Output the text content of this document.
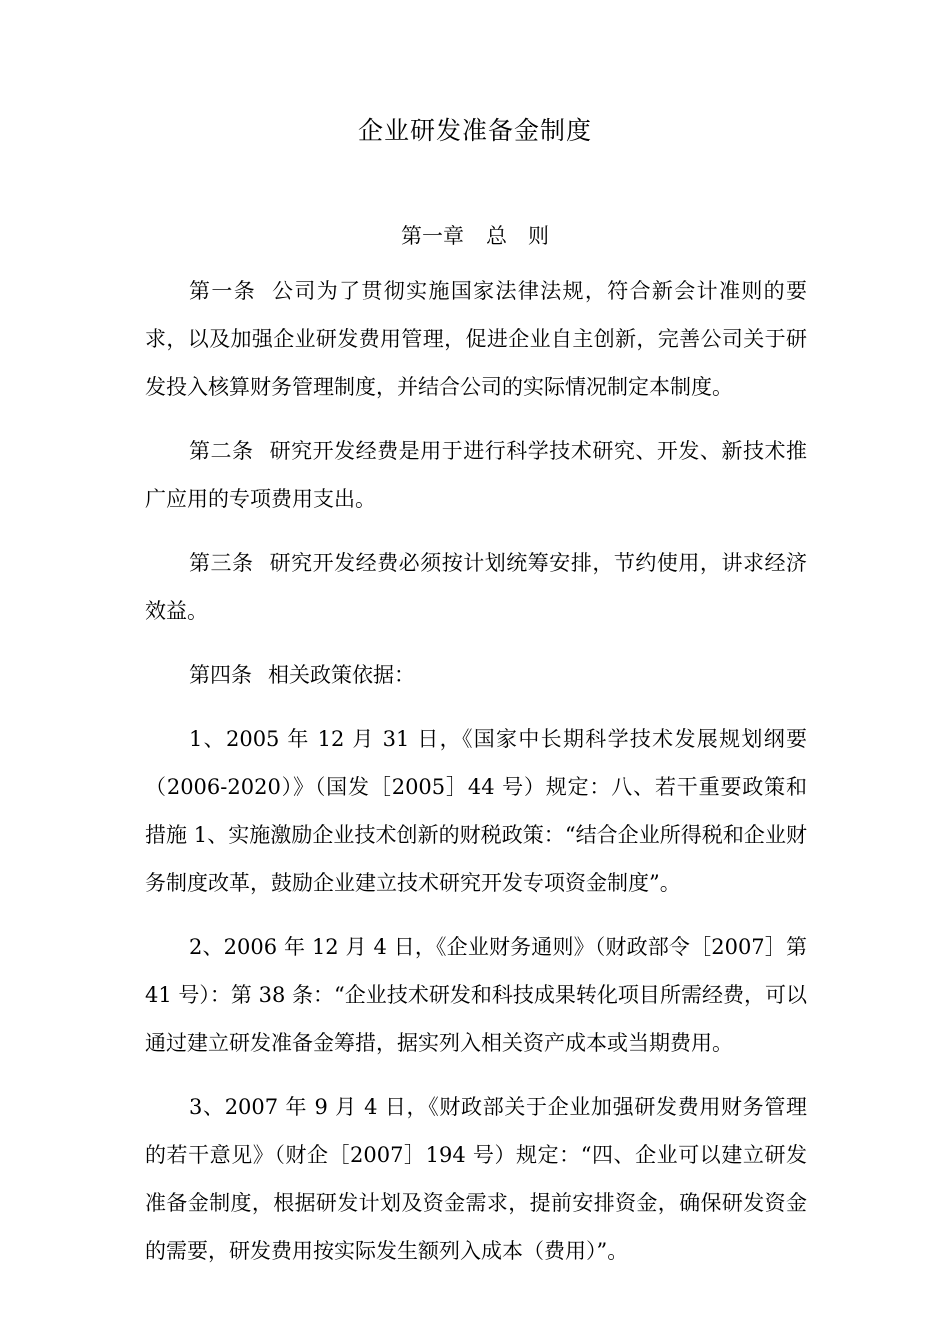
企业研发准备金制度
第一章 总　则

第一条 公司为了贯彻实施国家法律法规，符合新会计准则的要求，以及加强企业研发费用管理，促进企业自主创新，完善公司关于研发投入核算财务管理制度，并结合公司的实际情况制定本制度。

第二条 研究开发经费是用于进行科学技术研究、开发、新技术推广应用的专项费用支出。

第三条 研究开发经费必须按计划统筹安排，节约使用，讲求经济效益。

第四条 相关政策依据：

1、2005 年 12 月 31 日，《国家中长期科学技术发展规划纲要（2006-2020）》（国发［2005］44 号）规定：八、若干重要政策和措施 1、实施激励企业技术创新的财税政策：“结合企业所得税和企业财务制度改革，鼓励企业建立技术研究开发专项资金制度”。

2、2006 年 12 月 4 日，《企业财务通则》（财政部令［2007］第 41 号）：第 38 条：“企业技术研发和科技成果转化项目所需经费，可以通过建立研发准备金筹措，据实列入相关资产成本或当期费用。

3、2007 年 9 月 4 日，《财政部关于企业加强研发费用财务管理的若干意见》（财企［2007］194 号）规定：“四、企业可以建立研发准备金制度，根据研发计划及资金需求，提前安排资金，确保研发资金的需要，研发费用按实际发生额列入成本（费用）”。
